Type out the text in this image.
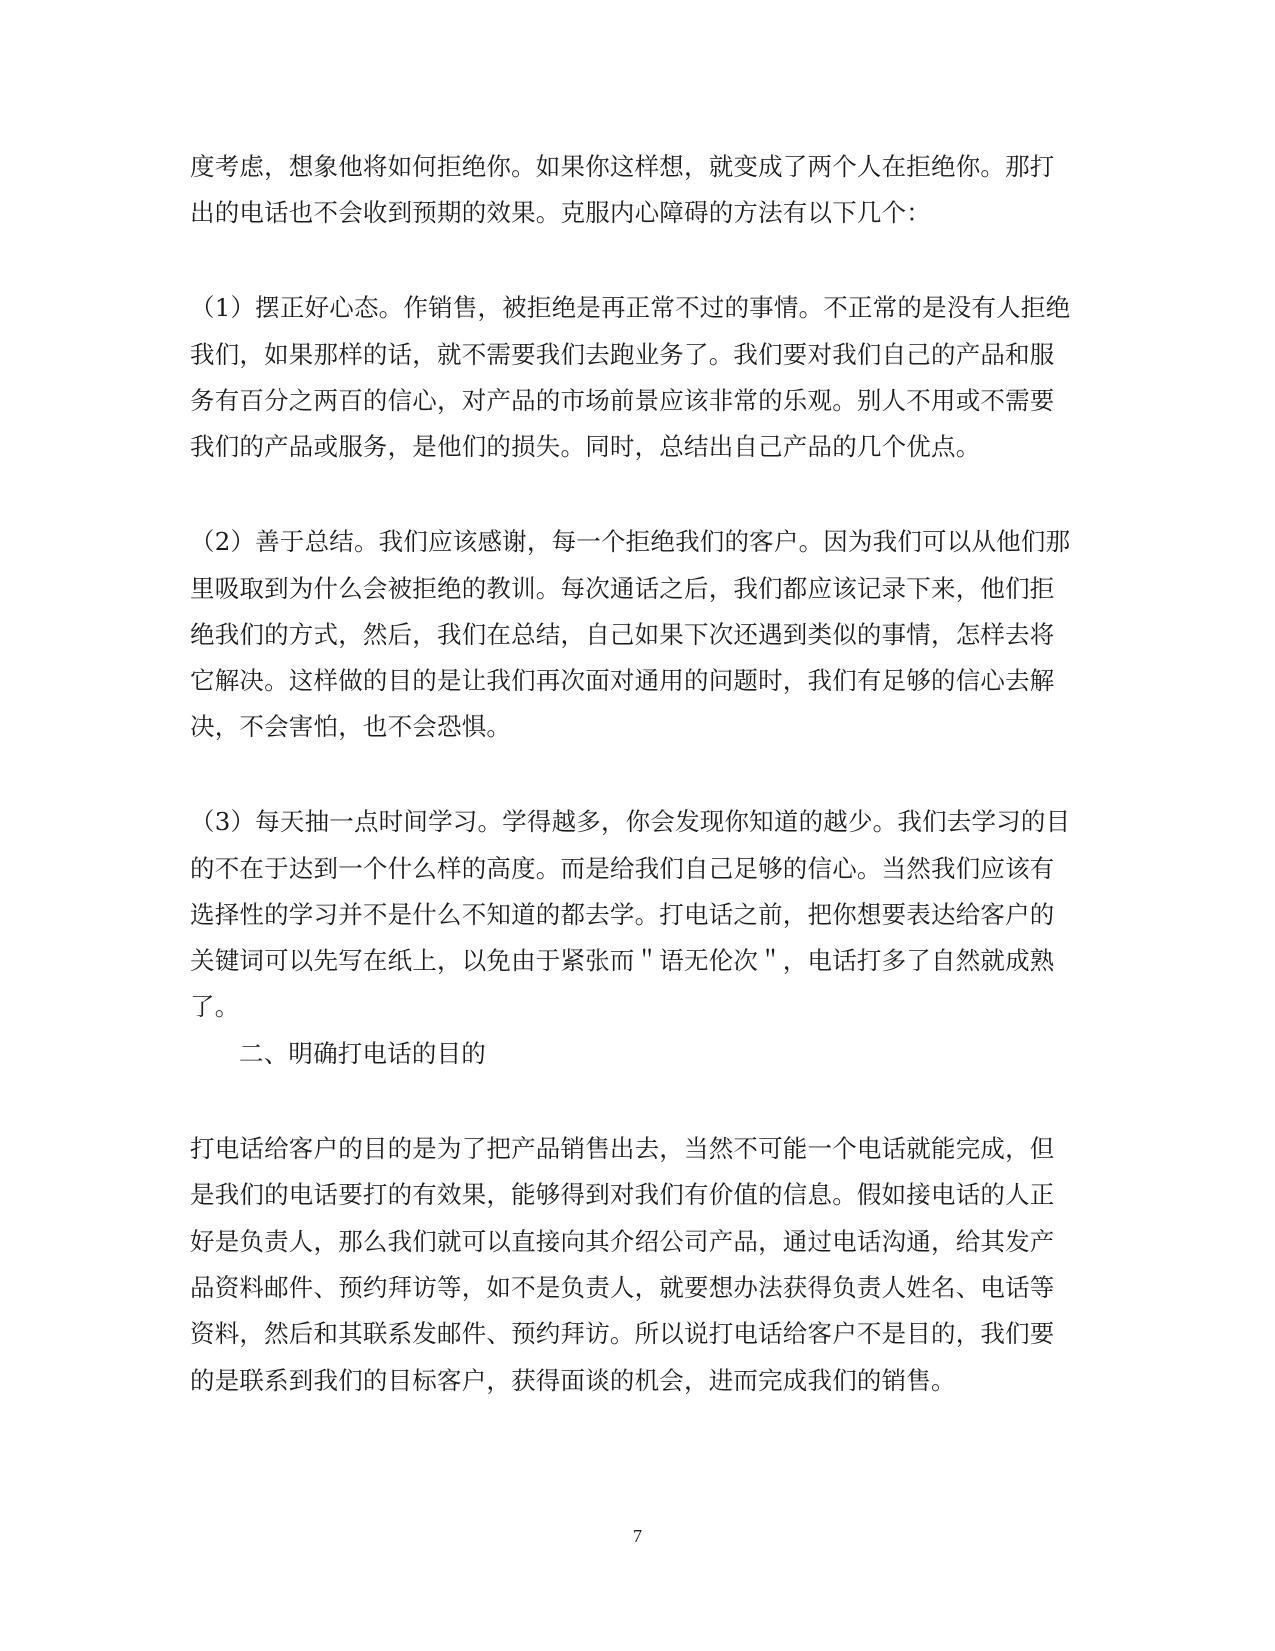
度考虑，想象他将如何拒绝你。如果你这样想，就变成了两个人在拒绝你。那打
出的电话也不会收到预期的效果。克服内心障碍的方法有以下几个：
（1）摆正好心态。作销售，被拒绝是再正常不过的事情。不正常的是没有人拒绝
我们，如果那样的话，就不需要我们去跑业务了。我们要对我们自己的产品和服
务有百分之两百的信心，对产品的市场前景应该非常的乐观。别人不用或不需要
我们的产品或服务，是他们的损失。同时，总结出自己产品的几个优点。
（2）善于总结。我们应该感谢，每一个拒绝我们的客户。因为我们可以从他们那
里吸取到为什么会被拒绝的教训。每次通话之后，我们都应该记录下来，他们拒
绝我们的方式，然后，我们在总结，自己如果下次还遇到类似的事情，怎样去将
它解决。这样做的目的是让我们再次面对通用的问题时，我们有足够的信心去解
决，不会害怕，也不会恐惧。
（3）每天抽一点时间学习。学得越多，你会发现你知道的越少。我们去学习的目
的不在于达到一个什么样的高度。而是给我们自己足够的信心。当然我们应该有
选择性的学习并不是什么不知道的都去学。打电话之前，把你想要表达给客户的
关键词可以先写在纸上，以免由于紧张而＂语无伦次＂，电话打多了自然就成熟
了。
二、明确打电话的目的
打电话给客户的目的是为了把产品销售出去，当然不可能一个电话就能完成，但
是我们的电话要打的有效果，能够得到对我们有价值的信息。假如接电话的人正
好是负责人，那么我们就可以直接向其介绍公司产品，通过电话沟通，给其发产
品资料邮件、预约拜访等，如不是负责人，就要想办法获得负责人姓名、电话等
资料，然后和其联系发邮件、预约拜访。所以说打电话给客户不是目的，我们要
的是联系到我们的目标客户，获得面谈的机会，进而完成我们的销售。
7
